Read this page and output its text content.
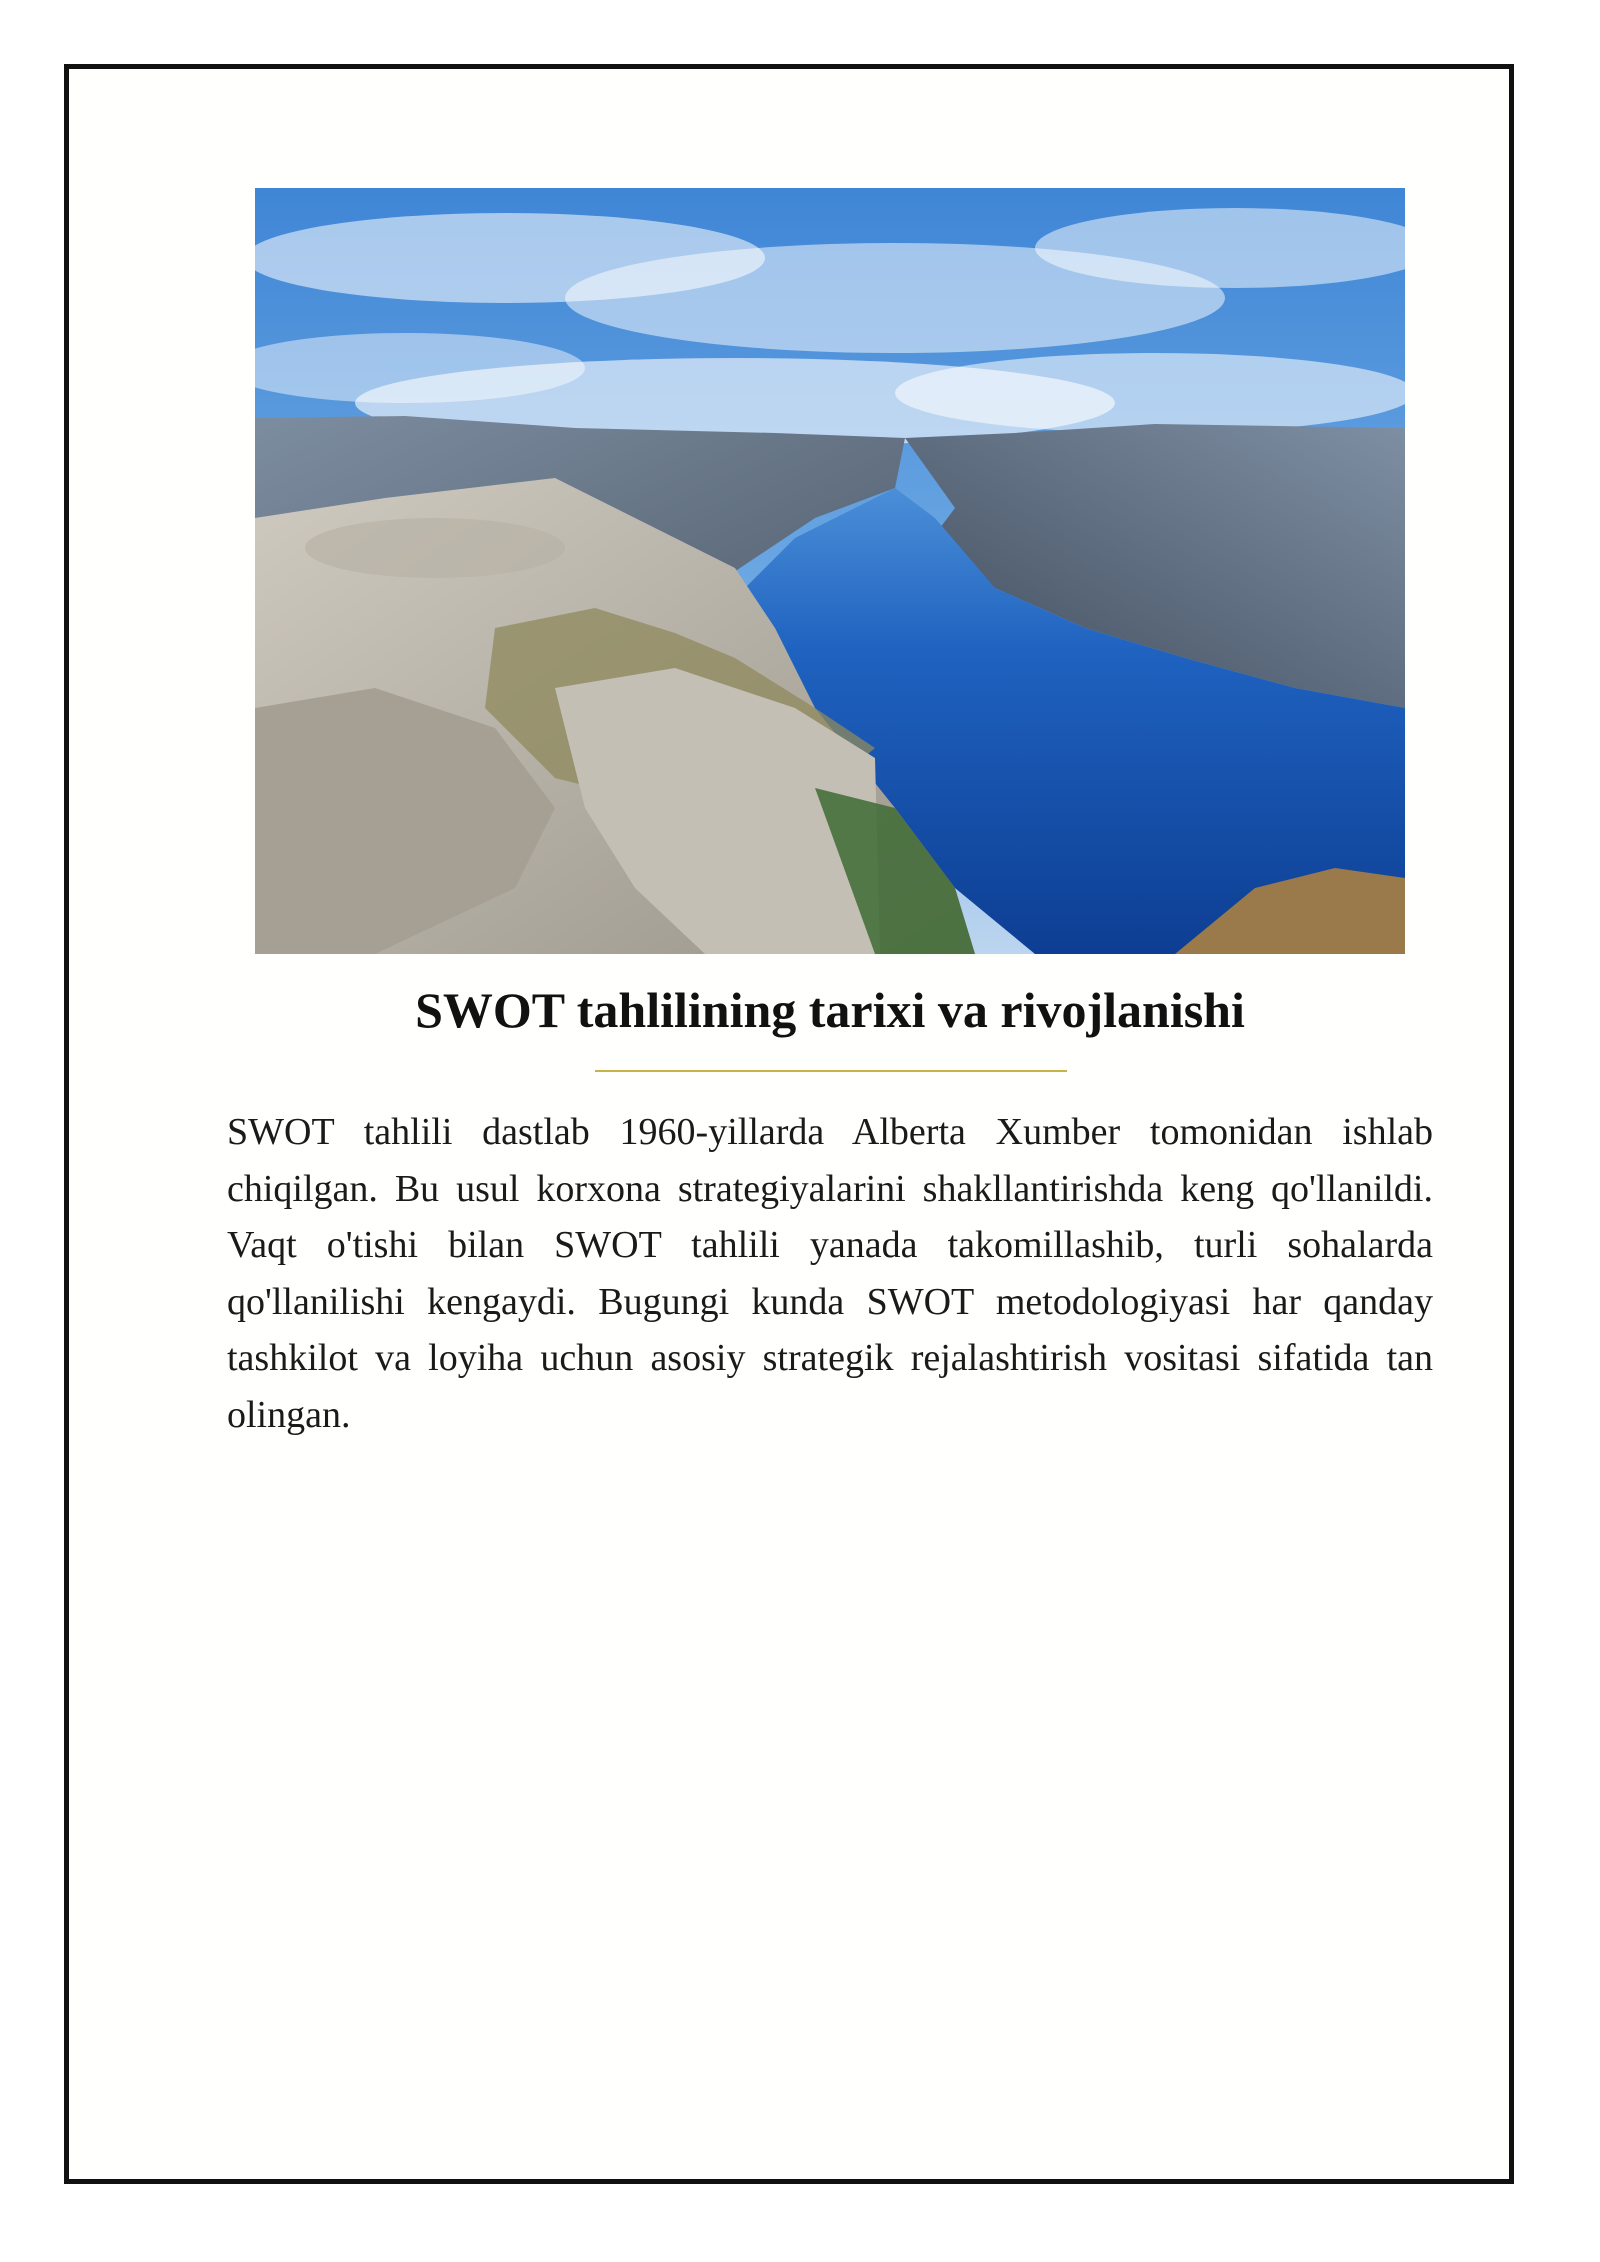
SWOT tahlilining tarixi va rivojlanishi

SWOT tahlili dastlab 1960-yillarda Alberta Xumber tomonidan ishlab chiqilgan. Bu usul korxona strategiyalarini shakllantirishda keng qo'llanildi. Vaqt o'tishi bilan SWOT tahlili yanada takomillashib, turli sohalarda qo'llanilishi kengaydi. Bugungi kunda SWOT metodologiyasi har qanday tashkilot va loyiha uchun asosiy strategik rejalashtirish vositasi sifatida tan olingan.
